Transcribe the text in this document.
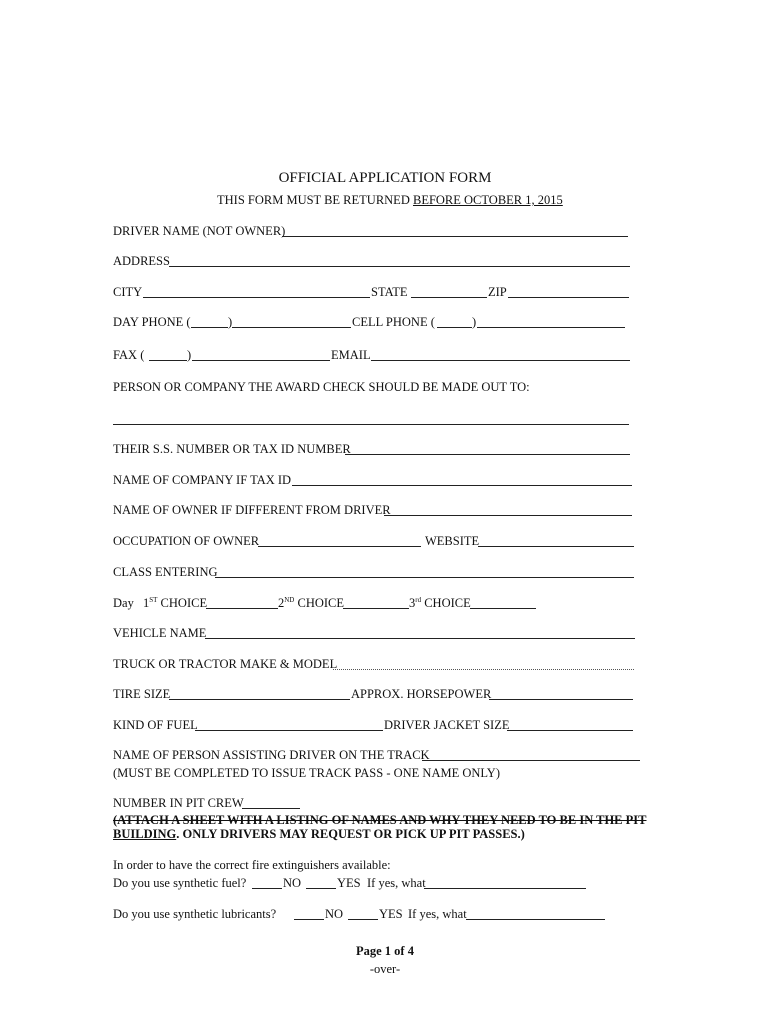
OFFICIAL APPLICATION FORM
THIS FORM MUST BE RETURNED BEFORE OCTOBER 1, 2015
DRIVER NAME (NOT OWNER)
ADDRESS
CITY	STATE	ZIP
DAY PHONE (	)	CELL PHONE (	)
FAX (	)	EMAIL
PERSON OR COMPANY THE AWARD CHECK SHOULD BE MADE OUT TO:
THEIR S.S. NUMBER OR TAX ID NUMBER
NAME OF COMPANY IF TAX ID
NAME OF OWNER IF DIFFERENT FROM DRIVER
OCCUPATION OF OWNER	WEBSITE
CLASS ENTERING
Day 1ST CHOICE	2ND CHOICE	3rd CHOICE
VEHICLE NAME
TRUCK OR TRACTOR MAKE & MODEL
TIRE SIZE	APPROX. HORSEPOWER
KIND OF FUEL	DRIVER JACKET SIZE
NAME OF PERSON ASSISTING DRIVER ON THE TRACK
(MUST BE COMPLETED TO ISSUE TRACK PASS - ONE NAME ONLY)
NUMBER IN PIT CREW
(ATTACH A SHEET WITH A LISTING OF NAMES AND WHY THEY NEED TO BE IN THE PIT
BUILDING. ONLY DRIVERS MAY REQUEST OR PICK UP PIT PASSES.)
In order to have the correct fire extinguishers available:
Do you use synthetic fuel?	NO	YES If yes, what
Do you use synthetic lubricants?	NO	YES If yes, what
Page 1 of 4
-over-
